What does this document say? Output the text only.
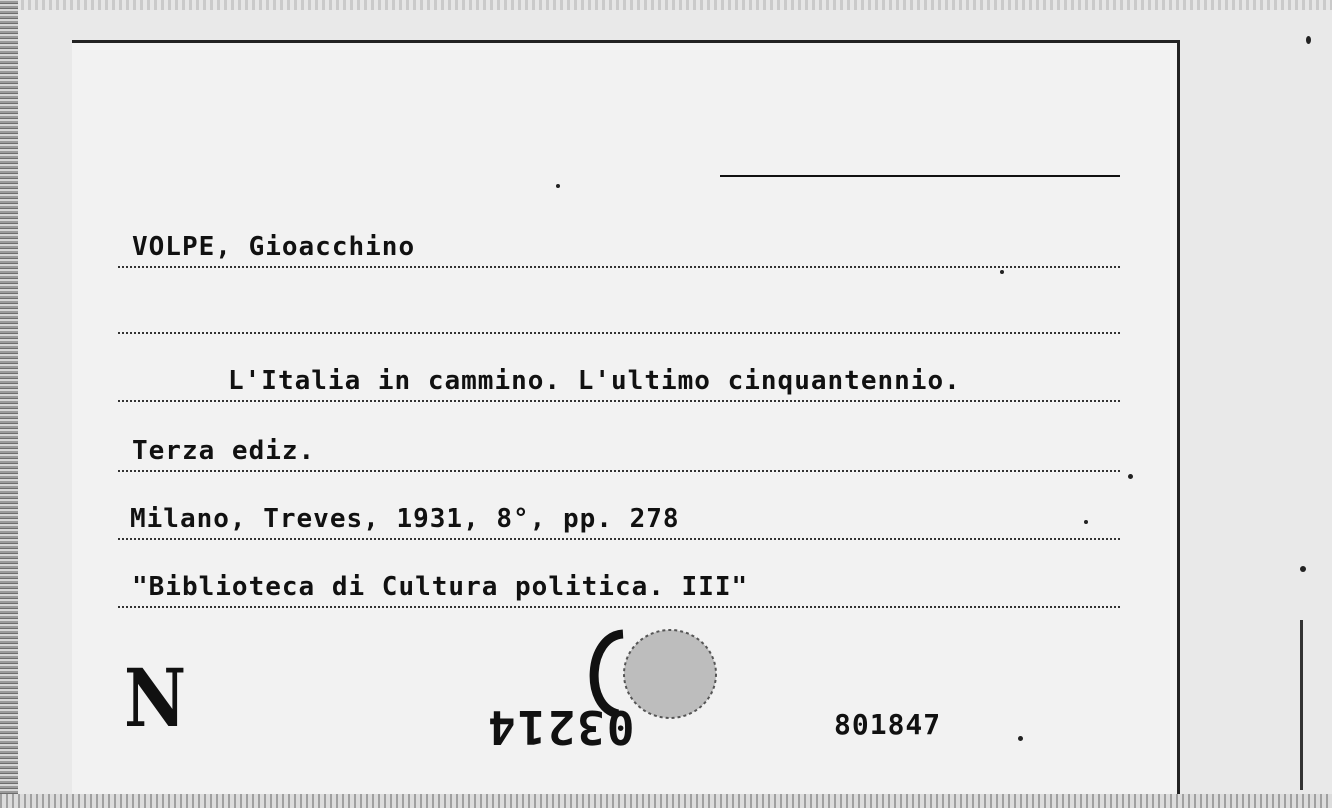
VOLPE, Gioacchino
L'Italia in cammino. L'ultimo cinquantennio.
Terza ediz.
Milano, Treves, 1931, 8°, pp. 278
"Biblioteca di Cultura politica. III"
N	03214	801847
